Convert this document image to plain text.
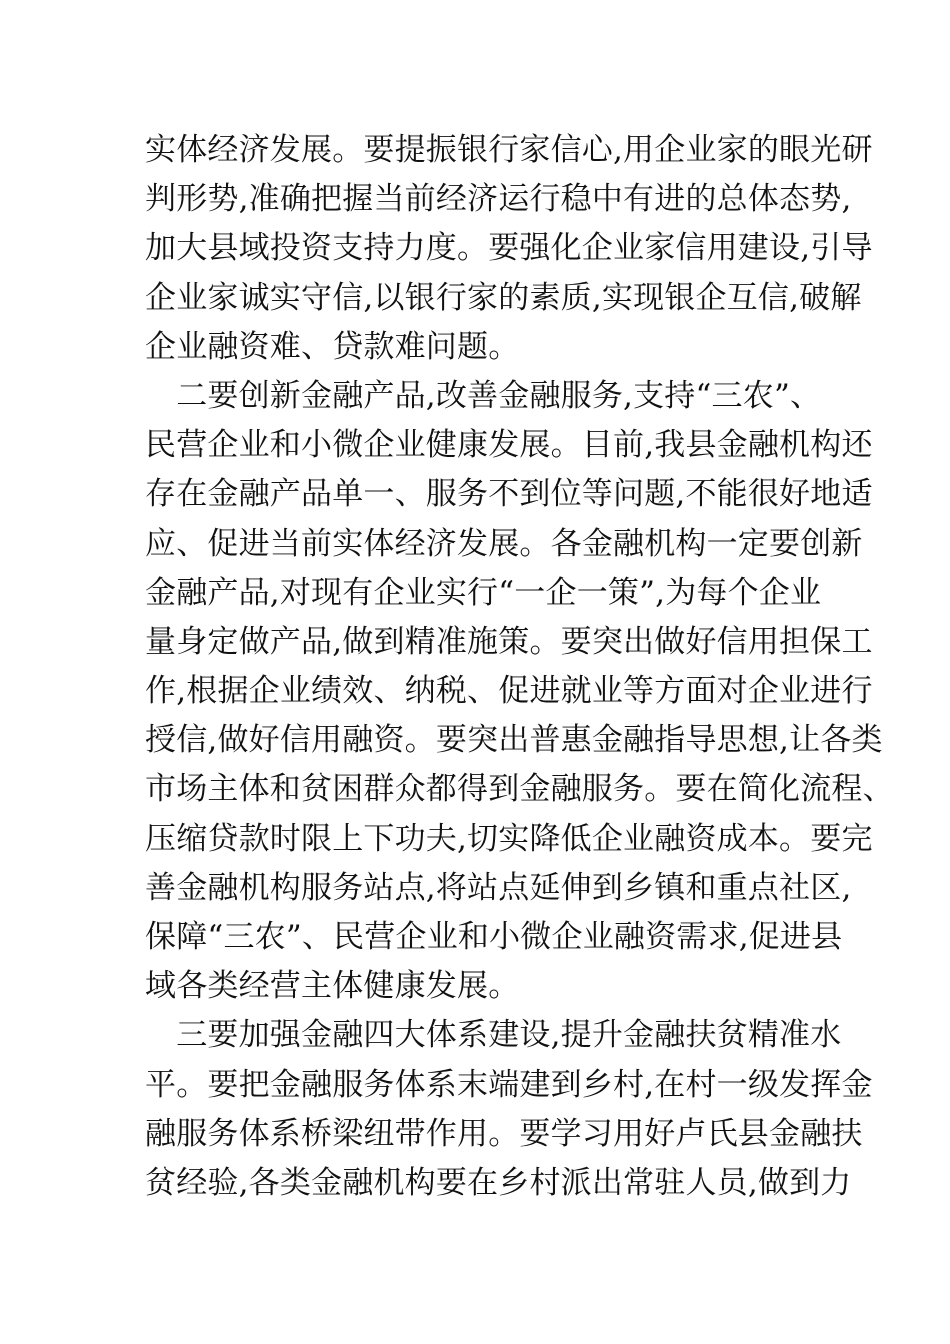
实体经济发展。要提振银行家信心,用企业家的眼光研
判形势,准确把握当前经济运行稳中有进的总体态势,
加大县域投资支持力度。要强化企业家信用建设,引导
企业家诚实守信,以银行家的素质,实现银企互信,破解
企业融资难、贷款难问题。
　二要创新金融产品,改善金融服务,支持“三农”、
民营企业和小微企业健康发展。目前,我县金融机构还
存在金融产品单一、服务不到位等问题,不能很好地适
应、促进当前实体经济发展。各金融机构一定要创新
金融产品,对现有企业实行“一企一策”,为每个企业
量身定做产品,做到精准施策。要突出做好信用担保工
作,根据企业绩效、纳税、促进就业等方面对企业进行
授信,做好信用融资。要突出普惠金融指导思想,让各类
市场主体和贫困群众都得到金融服务。要在简化流程、
压缩贷款时限上下功夫,切实降低企业融资成本。要完
善金融机构服务站点,将站点延伸到乡镇和重点社区,
保障“三农”、民营企业和小微企业融资需求,促进县
域各类经营主体健康发展。
　三要加强金融四大体系建设,提升金融扶贫精准水
平。要把金融服务体系末端建到乡村,在村一级发挥金
融服务体系桥梁纽带作用。要学习用好卢氏县金融扶
贫经验,各类金融机构要在乡村派出常驻人员,做到力
